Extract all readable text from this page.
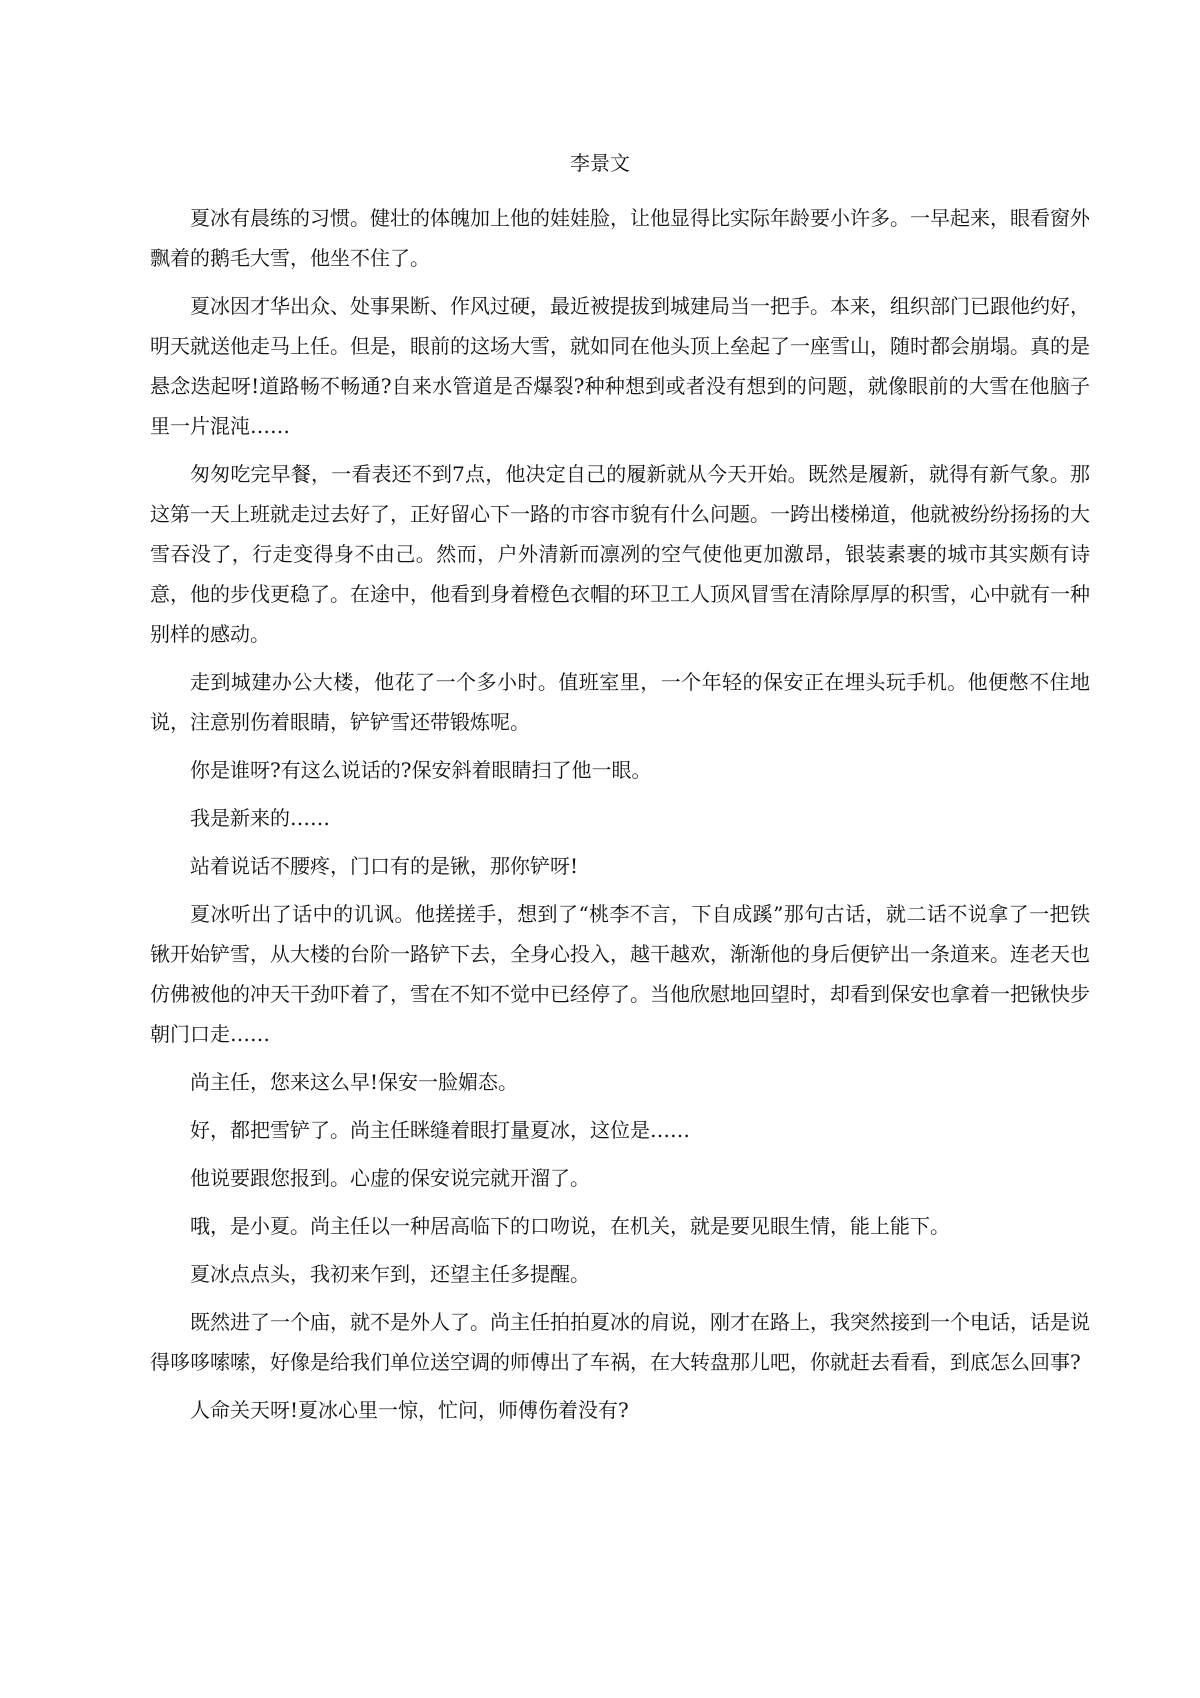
李景文

夏冰有晨练的习惯。健壮的体魄加上他的娃娃脸，让他显得比实际年龄要小许多。一早起来，眼看窗外飘着的鹅毛大雪，他坐不住了。

夏冰因才华出众、处事果断、作风过硬，最近被提拔到城建局当一把手。本来，组织部门已跟他约好，明天就送他走马上任。但是，眼前的这场大雪，就如同在他头顶上垒起了一座雪山，随时都会崩塌。真的是悬念迭起呀!道路畅不畅通?自来水管道是否爆裂?种种想到或者没有想到的问题，就像眼前的大雪在他脑子里一片混沌……

匆匆吃完早餐，一看表还不到7点，他决定自己的履新就从今天开始。既然是履新，就得有新气象。那这第一天上班就走过去好了，正好留心下一路的市容市貌有什么问题。一跨出楼梯道，他就被纷纷扬扬的大雪吞没了，行走变得身不由己。然而，户外清新而凛冽的空气使他更加激昂，银装素裹的城市其实颇有诗意，他的步伐更稳了。在途中，他看到身着橙色衣帽的环卫工人顶风冒雪在清除厚厚的积雪，心中就有一种别样的感动。

走到城建办公大楼，他花了一个多小时。值班室里，一个年轻的保安正在埋头玩手机。他便憋不住地说，注意别伤着眼睛，铲铲雪还带锻炼呢。

你是谁呀?有这么说话的?保安斜着眼睛扫了他一眼。

我是新来的……

站着说话不腰疼，门口有的是锹，那你铲呀!

夏冰听出了话中的讥讽。他搓搓手，想到了“桃李不言，下自成蹊”那句古话，就二话不说拿了一把铁锹开始铲雪，从大楼的台阶一路铲下去，全身心投入，越干越欢，渐渐他的身后便铲出一条道来。连老天也仿佛被他的冲天干劲吓着了，雪在不知不觉中已经停了。当他欣慰地回望时，却看到保安也拿着一把锹快步朝门口走……

尚主任，您来这么早!保安一脸媚态。

好，都把雪铲了。尚主任眯缝着眼打量夏冰，这位是……

他说要跟您报到。心虚的保安说完就开溜了。

哦，是小夏。尚主任以一种居高临下的口吻说，在机关，就是要见眼生情，能上能下。

夏冰点点头，我初来乍到，还望主任多提醒。

既然进了一个庙，就不是外人了。尚主任拍拍夏冰的肩说，刚才在路上，我突然接到一个电话，话是说得哆哆嗦嗦，好像是给我们单位送空调的师傅出了车祸，在大转盘那儿吧，你就赶去看看，到底怎么回事?

人命关天呀!夏冰心里一惊，忙问，师傅伤着没有?
